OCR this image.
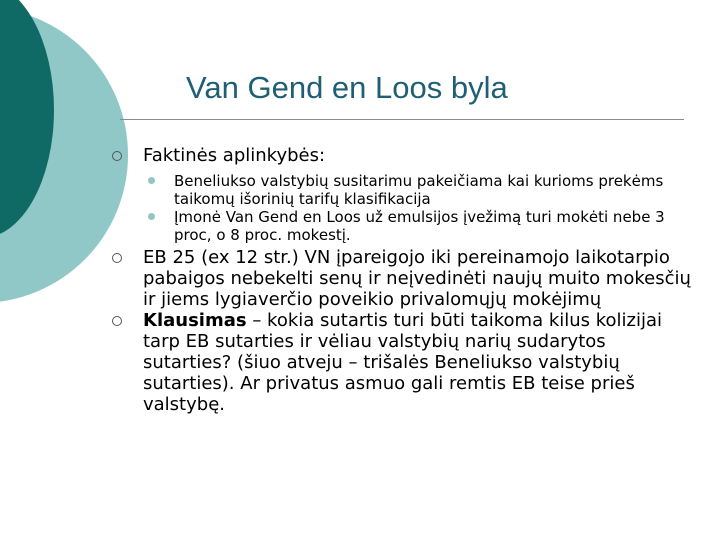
Van Gend en Loos byla
Faktinės aplinkybės:
Beneliukso valstybių susitarimu pakeičiama kai kurioms prekėms taikomų išorinių tarifų klasifikacija
Įmonė Van Gend en Loos už emulsijos įvežimą turi mokėti nebe 3 proc, o 8 proc. mokestį.
EB 25 (ex 12 str.) VN įpareigojo iki pereinamojo laikotarpio pabaigos nebekelti senų ir neįvedinėti naujų muito mokesčių ir jiems lygiaverčio poveikio privalomųjų mokėjimų
Klausimas – kokia sutartis turi būti taikoma kilus kolizijai tarp EB sutarties ir vėliau valstybių narių sudarytos sutarties? (šiuo atveju – trišalės Beneliukso valstybių sutarties). Ar privatus asmuo gali remtis EB teise prieš valstybę.
